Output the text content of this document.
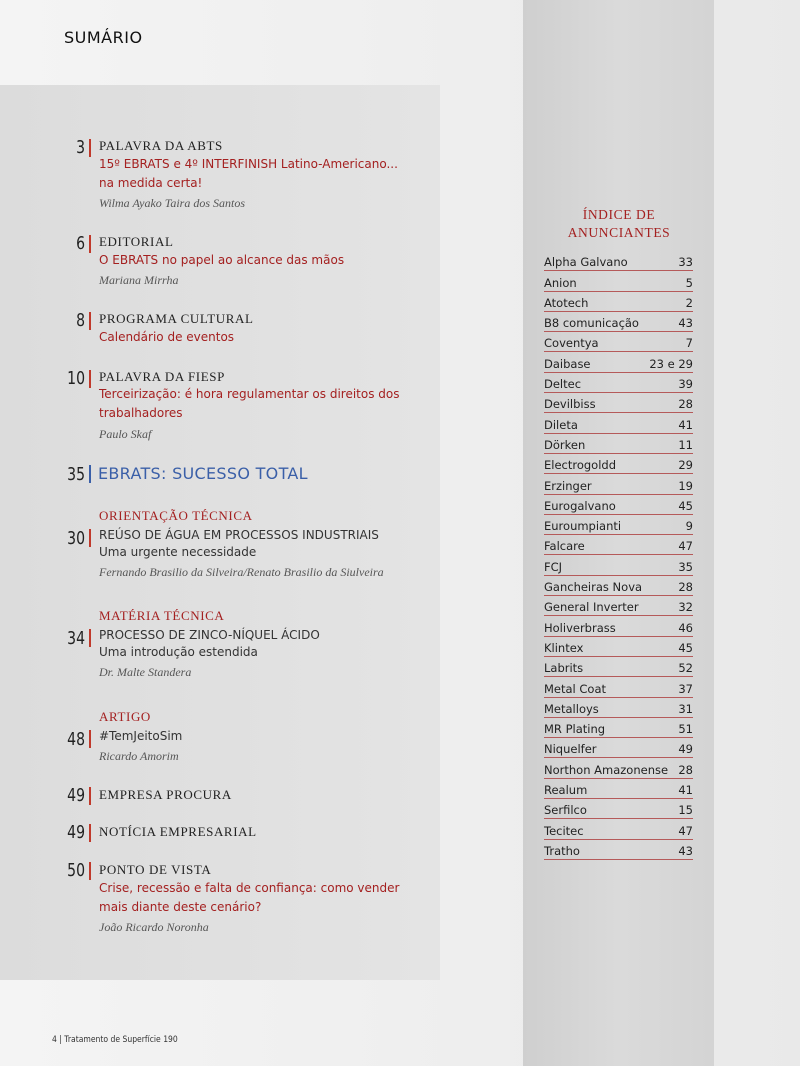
SUMÁRIO
3 PALAVRA DA ABTS
15º EBRATS e 4º INTERFINISH Latino-Americano...
na medida certa!
Wilma Ayako Taira dos Santos
6 EDITORIAL
O EBRATS no papel ao alcance das mãos
Mariana Mirrha
8 PROGRAMA CULTURAL
Calendário de eventos
10 PALAVRA DA FIESP
Terceirização: é hora regulamentar os direitos dos
trabalhadores
Paulo Skaf
35 EBRATS: SUCESSO TOTAL
ORIENTAÇÃO TÉCNICA
30 REÚSO DE ÁGUA EM PROCESSOS INDUSTRIAIS
Uma urgente necessidade
Fernando Brasilio da Silveira/Renato Brasilio da Siulveira
MATÉRIA TÉCNICA
34 PROCESSO DE ZINCO-NÍQUEL ÁCIDO
Uma introdução estendida
Dr. Malte Standera
ARTIGO
48 #TemJeitoSim
Ricardo Amorim
49 EMPRESA PROCURA
49 NOTÍCIA EMPRESARIAL
50 PONTO DE VISTA
Crise, recessão e falta de confiança: como vender
mais diante deste cenário?
João Ricardo Noronha
ÍNDICE DE
ANUNCIANTES
Alpha Galvano	33
Anion	5
Atotech	2
B8 comunicação	43
Coventya	7
Daibase	23 e 29
Deltec	39
Devilbiss	28
Dileta	41
Dörken	11
Electrogoldd	29
Erzinger	19
Eurogalvano	45
Euroumpianti	9
Falcare	47
FCJ	35
Gancheiras Nova	28
General Inverter	32
Holiverbrass	46
Klintex	45
Labrits	52
Metal Coat	37
Metalloys	31
MR Plating	51
Niquelfer	49
Northon Amazonense 28
Realum	41
Serfilco	15
Tecitec	47
Tratho	43
4 | Tratamento de Superfície 190
